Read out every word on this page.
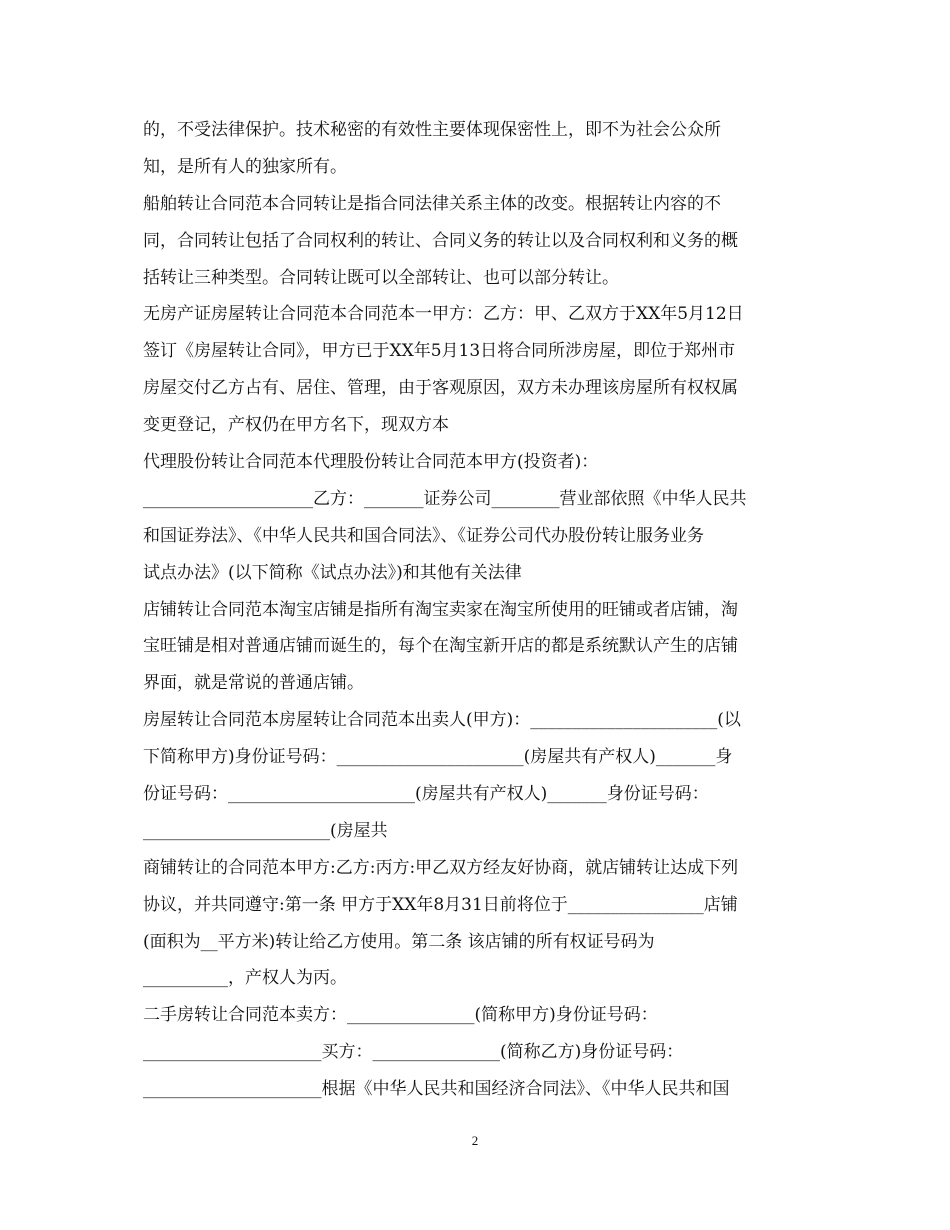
的，不受法律保护。技术秘密的有效性主要体现保密性上，即不为社会公众所
知，是所有人的独家所有。
船舶转让合同范本合同转让是指合同法律关系主体的改变。根据转让内容的不
同，合同转让包括了合同权利的转让、合同义务的转让以及合同权利和义务的概
括转让三种类型。合同转让既可以全部转让、也可以部分转让。
无房产证房屋转让合同范本合同范本一甲方：乙方：甲、乙双方于XX年5月12日
签订《房屋转让合同》，甲方已于XX年5月13日将合同所涉房屋，即位于郑州市
房屋交付乙方占有、居住、管理，由于客观原因，双方未办理该房屋所有权权属
变更登记，产权仍在甲方名下，现双方本
代理股份转让合同范本代理股份转让合同范本甲方(投资者)：
____________________乙方：_______证券公司________营业部依照《中华人民共
和国证券法》、《中华人民共和国合同法》、《证券公司代办股份转让服务业务
试点办法》(以下简称《试点办法》)和其他有关法律
店铺转让合同范本淘宝店铺是指所有淘宝卖家在淘宝所使用的旺铺或者店铺，淘
宝旺铺是相对普通店铺而诞生的，每个在淘宝新开店的都是系统默认产生的店铺
界面，就是常说的普通店铺。
房屋转让合同范本房屋转让合同范本出卖人(甲方)：______________________(以
下简称甲方)身份证号码：______________________(房屋共有产权人)_______身
份证号码：______________________(房屋共有产权人)_______身份证号码：
______________________(房屋共
商铺转让的合同范本甲方:乙方:丙方:甲乙双方经友好协商，就店铺转让达成下列
协议，并共同遵守:第一条 甲方于XX年8月31日前将位于________________店铺
(面积为__平方米)转让给乙方使用。第二条 该店铺的所有权证号码为
__________，产权人为丙。
二手房转让合同范本卖方：_______________(简称甲方)身份证号码：
_____________________买方：_______________(简称乙方)身份证号码：
_____________________根据《中华人民共和国经济合同法》、《中华人民共和国
2
